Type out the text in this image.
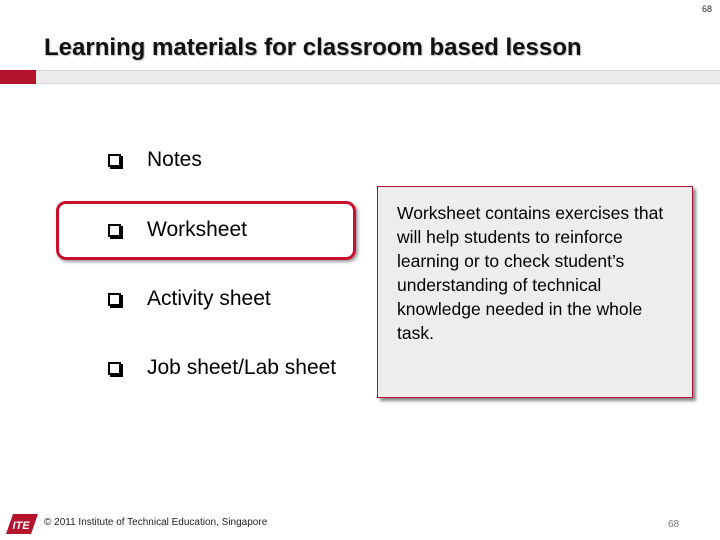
68
Learning materials for classroom based lesson
Notes
Worksheet
Activity sheet
Job sheet/Lab sheet
Worksheet contains exercises that will help students to reinforce learning or to check student’s understanding of technical knowledge needed in the whole task.
ITE © 2011 Institute of Technical Education, Singapore	68
